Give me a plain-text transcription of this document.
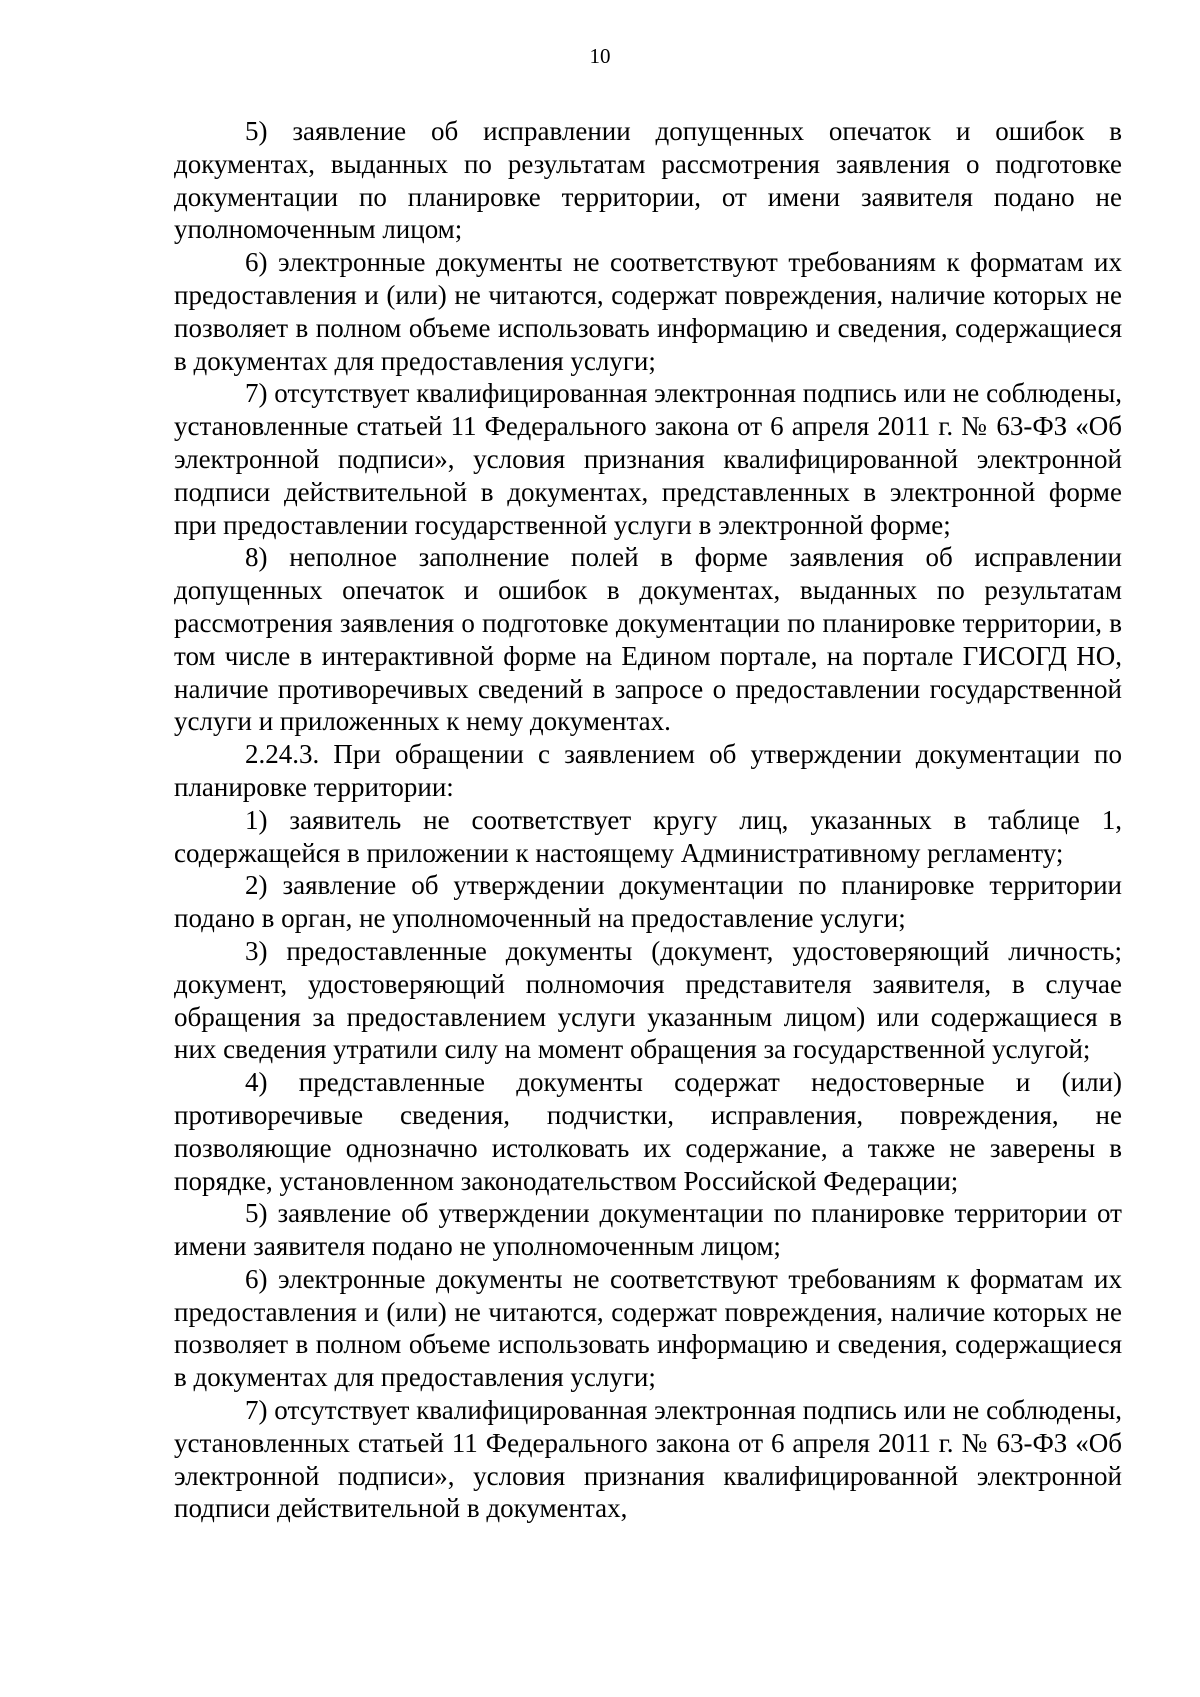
10

5) заявление об исправлении допущенных опечаток и ошибок в документах, выданных по результатам рассмотрения заявления о подготовке документации по планировке территории, от имени заявителя подано не уполномоченным лицом;

6) электронные документы не соответствуют требованиям к форматам их предоставления и (или) не читаются, содержат повреждения, наличие которых не позволяет в полном объеме использовать информацию и сведения, содержащиеся в документах для предоставления услуги;

7) отсутствует квалифицированная электронная подпись или не соблюдены, установленные статьей 11 Федерального закона от 6 апреля 2011 г. № 63-ФЗ «Об электронной подписи», условия признания квалифицированной электронной подписи действительной в документах, представленных в электронной форме при предоставлении государственной услуги в электронной форме;

8) неполное заполнение полей в форме заявления об исправлении допущенных опечаток и ошибок в документах, выданных по результатам рассмотрения заявления о подготовке документации по планировке территории, в том числе в интерактивной форме на Едином портале, на портале ГИСОГД НО, наличие противоречивых сведений в запросе о предоставлении государственной услуги и приложенных к нему документах.

2.24.3. При обращении с заявлением об утверждении документации по планировке территории:

1) заявитель не соответствует кругу лиц, указанных в таблице 1, содержащейся в приложении к настоящему Административному регламенту;

2) заявление об утверждении документации по планировке территории подано в орган, не уполномоченный на предоставление услуги;

3) предоставленные документы (документ, удостоверяющий личность; документ, удостоверяющий полномочия представителя заявителя, в случае обращения за предоставлением услуги указанным лицом) или содержащиеся в них сведения утратили силу на момент обращения за государственной услугой;

4) представленные документы содержат недостоверные и (или) противоречивые сведения, подчистки, исправления, повреждения, не позволяющие однозначно истолковать их содержание, а также не заверены в порядке, установленном законодательством Российской Федерации;

5) заявление об утверждении документации по планировке территории от имени заявителя подано не уполномоченным лицом;

6) электронные документы не соответствуют требованиям к форматам их предоставления и (или) не читаются, содержат повреждения, наличие которых не позволяет в полном объеме использовать информацию и сведения, содержащиеся в документах для предоставления услуги;

7) отсутствует квалифицированная электронная подпись или не соблюдены, установленных статьей 11 Федерального закона от 6 апреля 2011 г. № 63-ФЗ «Об электронной подписи», условия признания квалифицированной электронной подписи действительной в документах,
